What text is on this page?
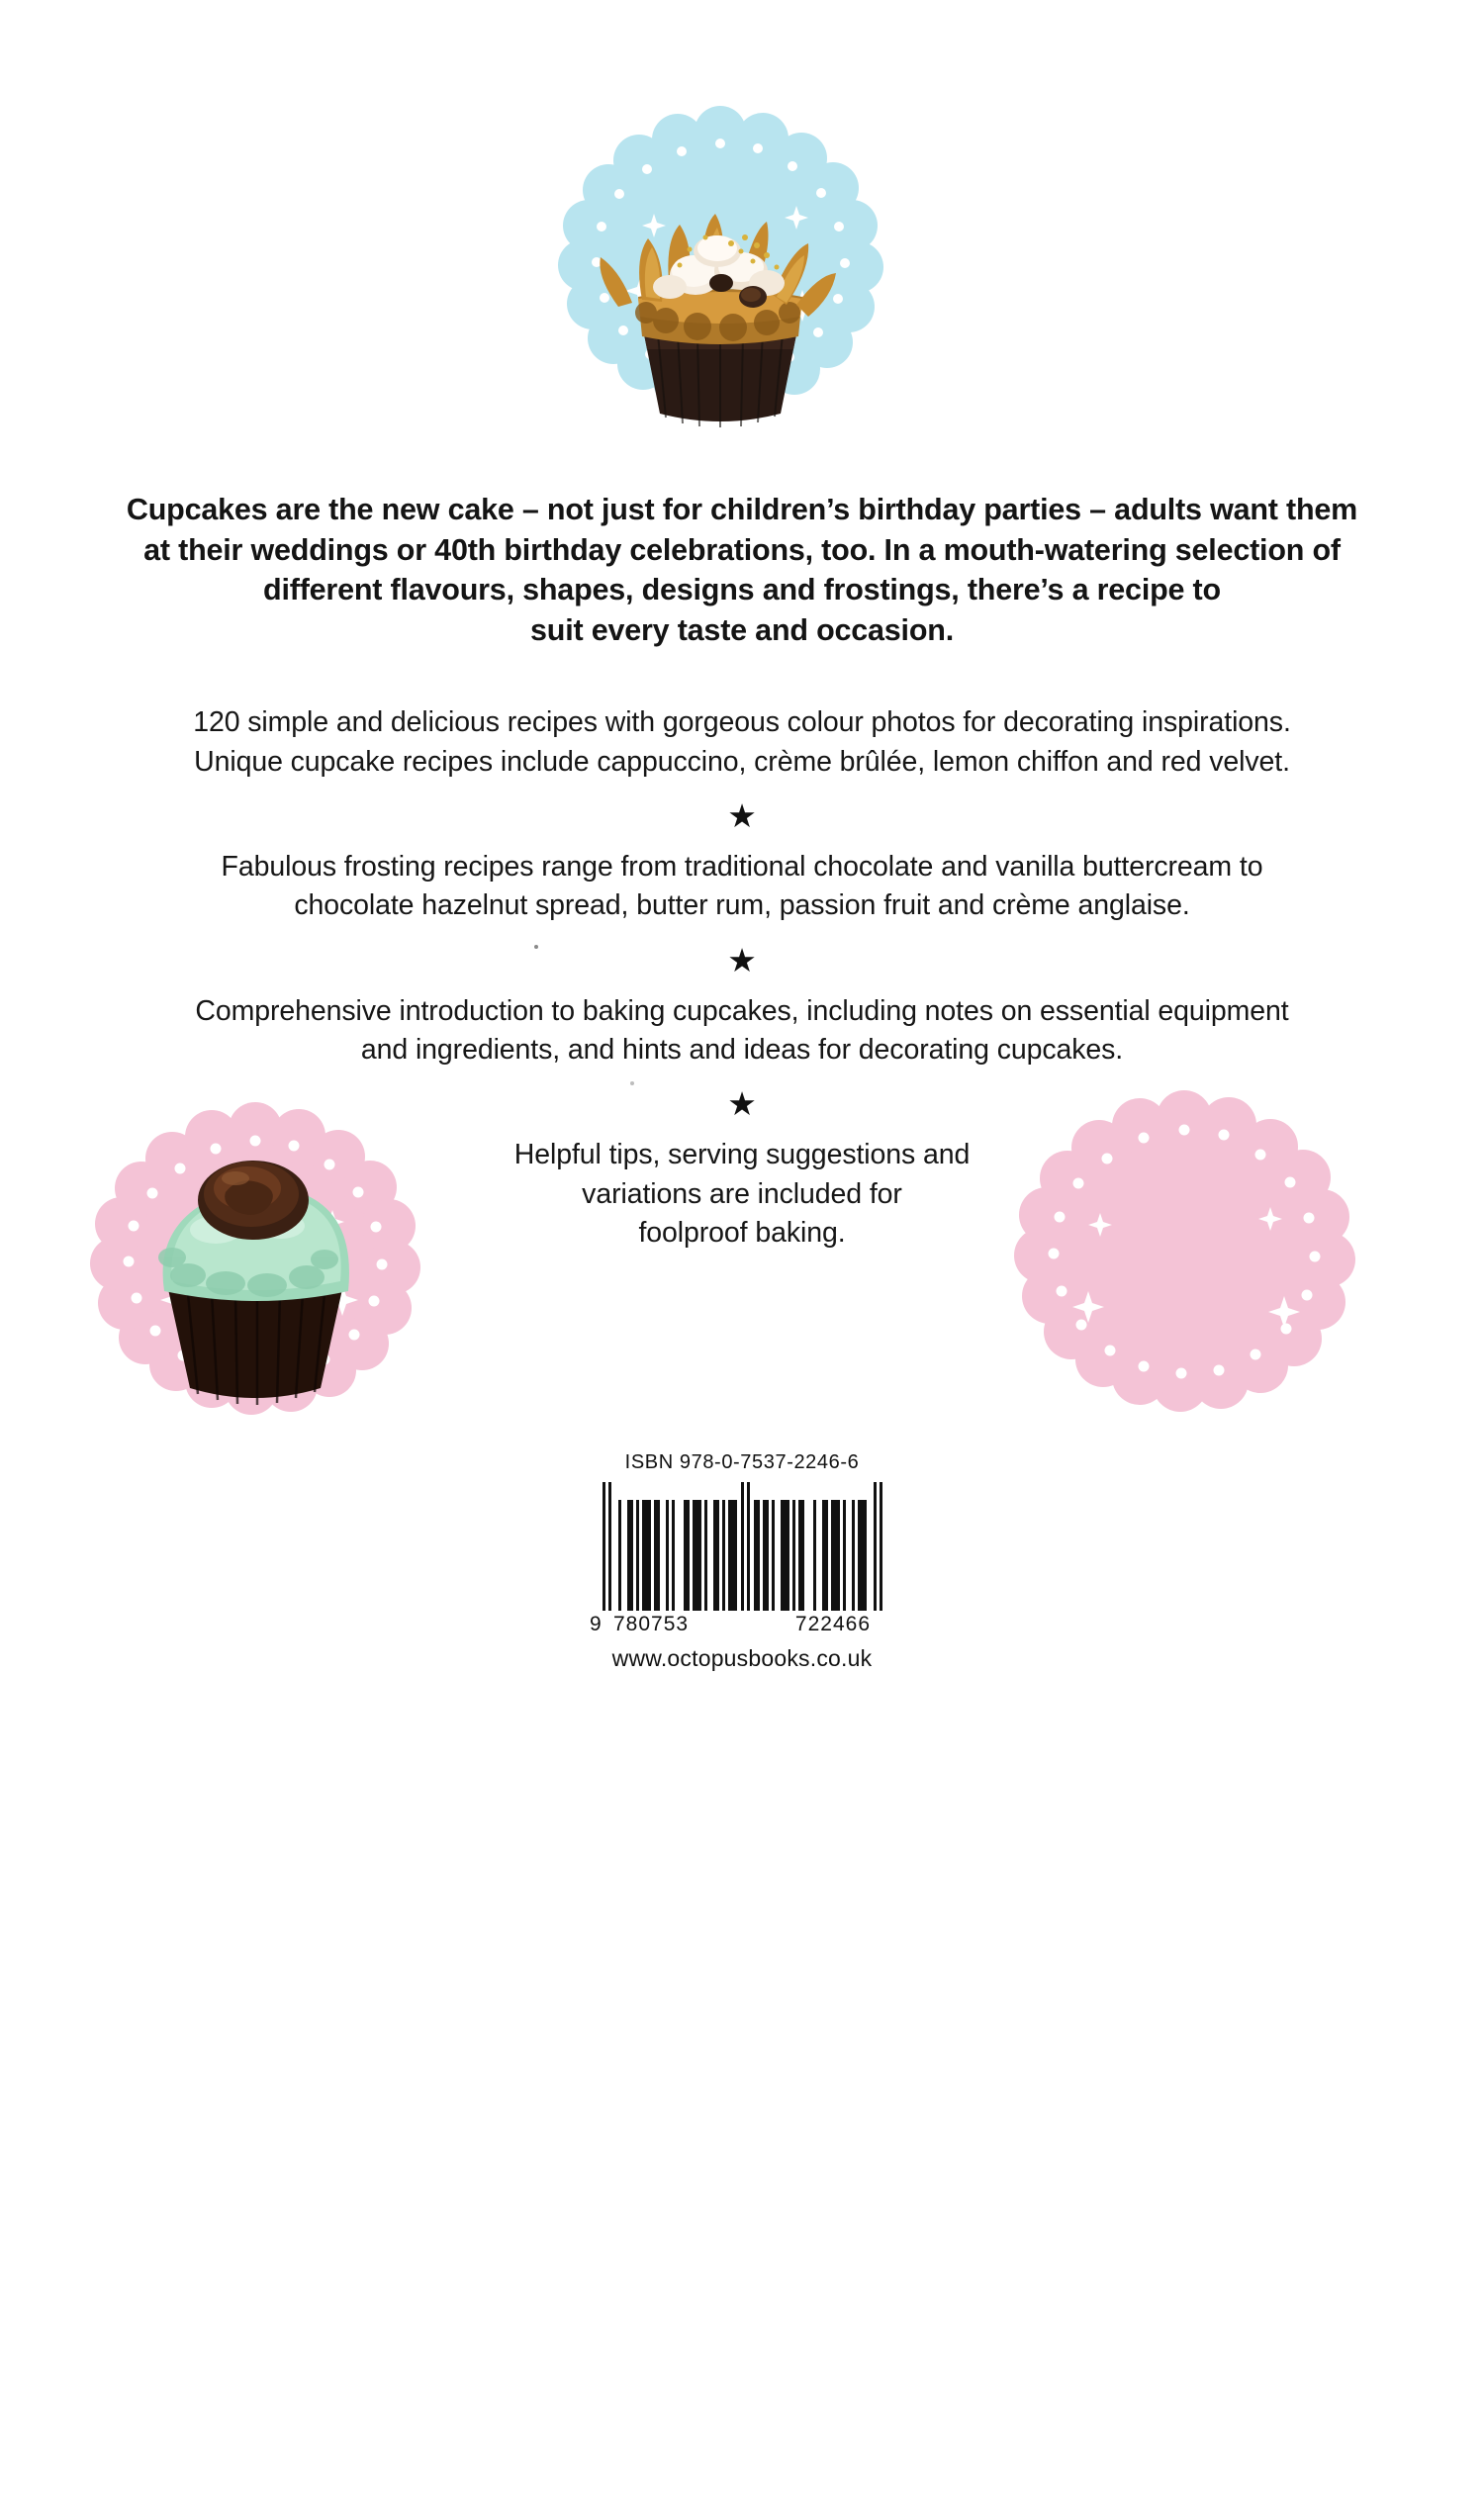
Cupcakes are the new cake – not just for children’s birthday parties – adults want them
at their weddings or 40th birthday celebrations, too. In a mouth-watering selection of
different flavours, shapes, designs and frostings, there’s a recipe to
suit every taste and occasion.
120 simple and delicious recipes with gorgeous colour photos for decorating inspirations.
Unique cupcake recipes include cappuccino, crème brûlée, lemon chiffon and red velvet.
★
Fabulous frosting recipes range from traditional chocolate and vanilla buttercream to
chocolate hazelnut spread, butter rum, passion fruit and crème anglaise.
★
Comprehensive introduction to baking cupcakes, including notes on essential equipment
and ingredients, and hints and ideas for decorating cupcakes.
★
Helpful tips, serving suggestions and
variations are included for
foolproof baking.
ISBN 978-0-7537-2246-6
9 780753	722466
www.octopusbooks.co.uk
